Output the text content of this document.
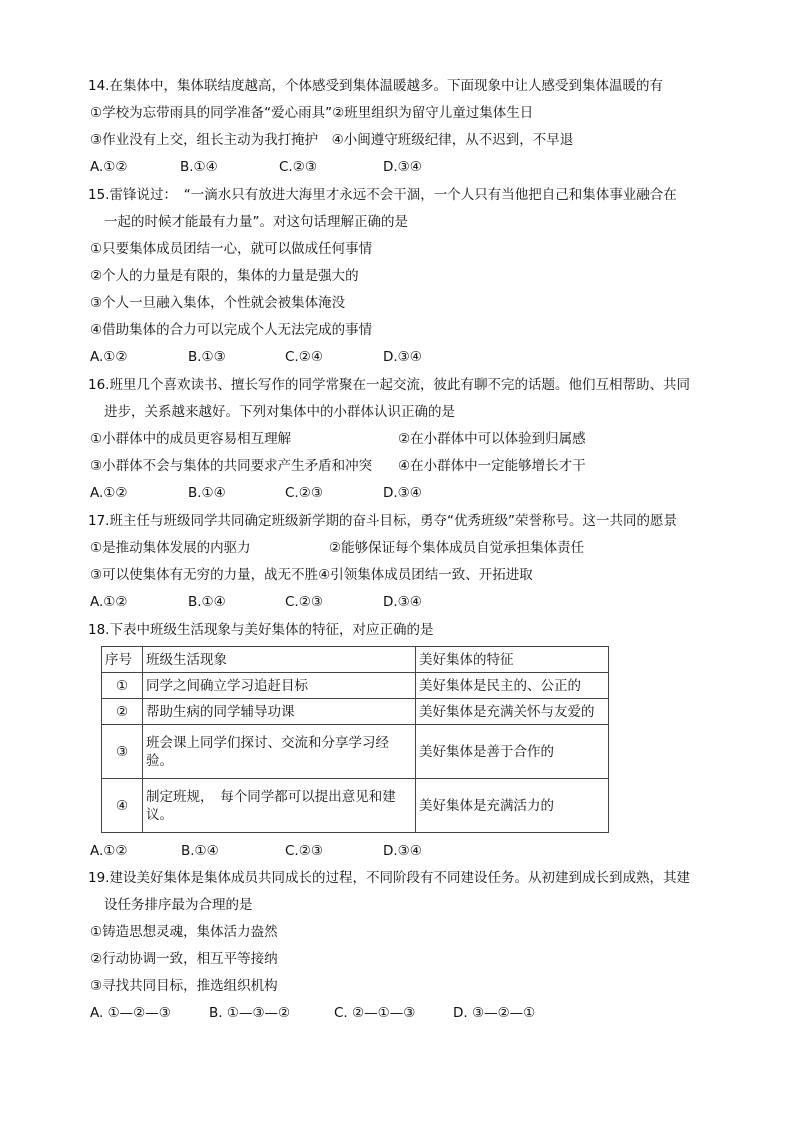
14.在集体中，集体联结度越高，个体感受到集体温暖越多。下面现象中让人感受到集体温暖的有
①学校为忘带雨具的同学准备“爱心雨具”②班里组织为留守儿童过集体生日
③作业没有上交，组长主动为我打掩护　④小闽遵守班级纪律，从不迟到，不早退
A.①②	B.①④	C.②③	D.③④
15.雷锋说过：　“一滴水只有放进大海里才永远不会干涸，一个人只有当他把自己和集体事业融合在
一起的时候才能最有力量”。对这句话理解正确的是
①只要集体成员团结一心，就可以做成任何事情
②个人的力量是有限的，集体的力量是强大的
③个人一旦融入集体，个性就会被集体淹没
④借助集体的合力可以完成个人无法完成的事情
A.①②	B.①③	C.②④	D.③④
16.班里几个喜欢读书、擅长写作的同学常聚在一起交流，彼此有聊不完的话题。他们互相帮助、共同
进步，关系越来越好。下列对集体中的小群体认识正确的是
①小群体中的成员更容易相互理解	②在小群体中可以体验到归属感
③小群体不会与集体的共同要求产生矛盾和冲突 ④在小群体中一定能够增长才干
A.①②	B.①④	C.②③	D.③④
17.班主任与班级同学共同确定班级新学期的奋斗目标，勇夺“优秀班级”荣誉称号。这一共同的愿景
①是推动集体发展的内驱力	②能够保证每个集体成员自觉承担集体责任
③可以使集体有无穷的力量，战无不胜④引领集体成员团结一致、开拓进取
A.①②	B.①④	C.②③	D.③④
18.下表中班级生活现象与美好集体的特征，对应正确的是
序号	班级生活现象	美好集体的特征
①	同学之间确立学习追赶目标	美好集体是民主的、公正的
②	帮助生病的同学辅导功课	美好集体是充满关怀与友爱的
③	班会课上同学们探讨、交流和分享学习经验。	美好集体是善于合作的
④	制定班规，　每个同学都可以提出意见和建议。	美好集体是充满活力的
A.①②	B.①④	C.②③	D.③④
19.建设美好集体是集体成员共同成长的过程，不同阶段有不同建设任务。从初建到成长到成熟，其建
设任务排序最为合理的是
①铸造思想灵魂，集体活力盎然
②行动协调一致，相互平等接纳
③寻找共同目标，推选组织机构
A. ①—②—③	B. ①—③—②	C. ②—①—③	D. ③—②—①
